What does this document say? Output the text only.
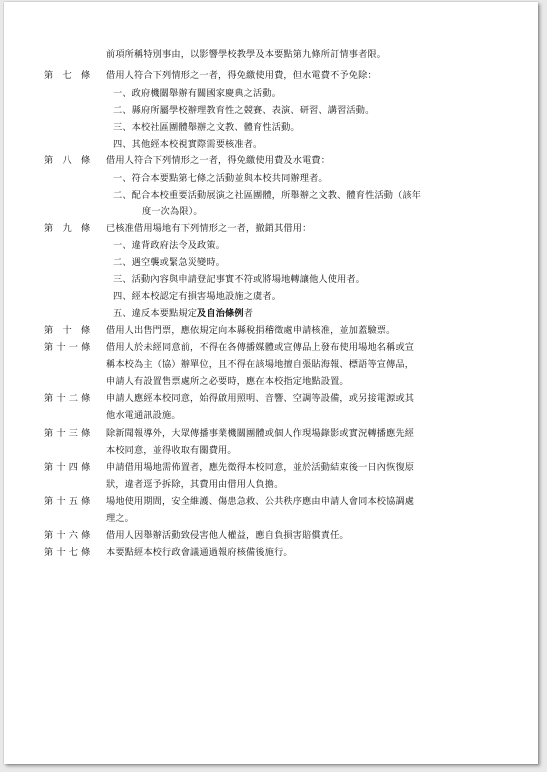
前項所稱特別事由，以影響學校教學及本要點第九條所訂情事者限。
第 七 條	借用人符合下列情形之一者，得免繳使用費，但水電費不予免除：
一、政府機關舉辦有關國家慶典之活動。
二、縣府所屬學校辦理教育性之競賽、表演、研習、講習活動。
三、本校社區團體舉辦之文教、體育性活動。
四、其他經本校視實際需要核准者。
第 八 條	借用人符合下列情形之一者，得免繳使用費及水電費：
一、符合本要點第七條之活動並與本校共同辦理者。
二、配合本校重要活動展演之社區團體，所舉辦之文教、體育性活動（該年
度一次為限）。
第 九 條	已核准借用場地有下列情形之一者，撤銷其借用：
一、違背政府法令及政策。
二、遇空襲或緊急災變時。
三、活動內容與申請登記事實不符或將場地轉讓他人使用者。
四、經本校認定有損害場地設施之虞者。
五、違反本要點規定及自治條例者
第 十 條	借用人出售門票，應依規定向本縣稅捐稽徵處申請核准，並加蓋驗票。
第十一條	借用人於未經同意前，不得在各傳播媒體或宣傳品上發布使用場地名稱或宣
稱本校為主（協）辦單位，且不得在該場地擅自張貼海報、標語等宣傳品，
申請人有設置售票處所之必要時，應在本校指定地點設置。
第十二條	申請人應經本校同意，始得啟用照明、音響、空調等設備，或另接電源或其
他水電通訊設施。
第十三條	除新聞報導外，大眾傳播事業機關團體或個人作現場錄影或實況轉播應先經
本校同意，並得收取有關費用。
第十四條	申請借用場地需佈置者，應先徵得本校同意，並於活動結束後一日內恢復原
狀，違者逕予拆除，其費用由借用人負擔。
第十五條	場地使用期間，安全維護、傷患急救、公共秩序應由申請人會同本校協調處
理之。
第十六條	借用人因舉辦活動致侵害他人權益，應自負損害賠償責任。
第十七條	本要點經本校行政會議通過報府核備後施行。
